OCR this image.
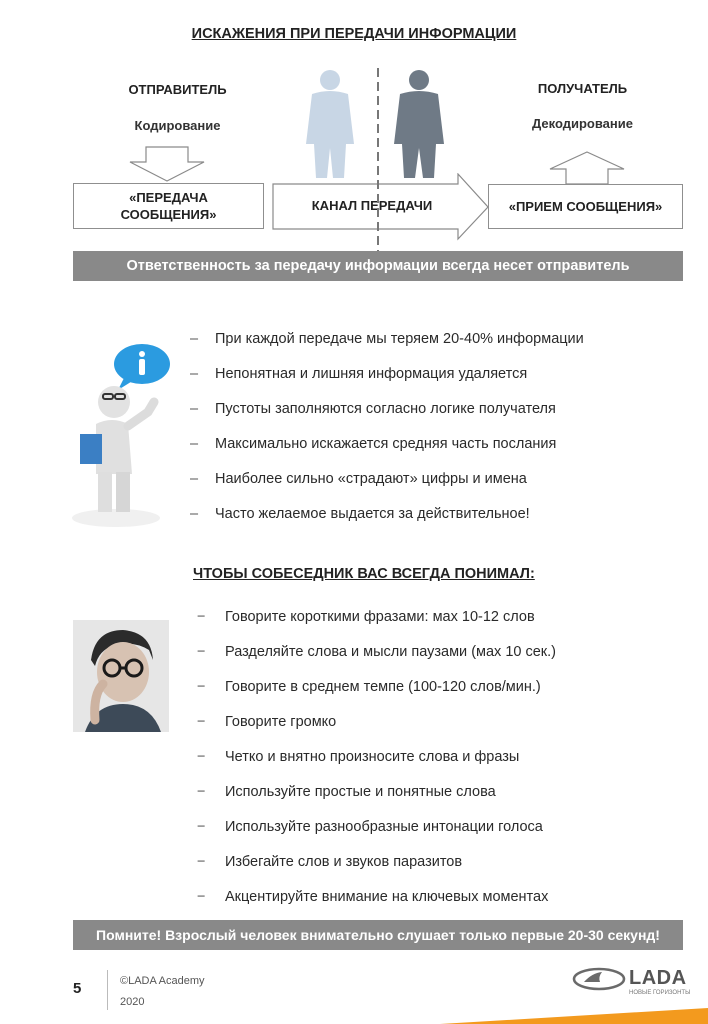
ИСКАЖЕНИЯ ПРИ ПЕРЕДАЧИ ИНФОРМАЦИИ
ОТПРАВИТЕЛЬ
Кодирование
«ПЕРЕДАЧА СООБЩЕНИЯ»
КАНАЛ ПЕРЕДАЧИ
ПОЛУЧАТЕЛЬ
Декодирование
«ПРИЕМ СООБЩЕНИЯ»
Ответственность за передачу информации всегда несет отправитель
– При каждой передаче мы теряем 20-40% информации
– Непонятная и лишняя информация удаляется
– Пустоты заполняются согласно логике получателя
– Максимально искажается средняя часть послания
– Наиболее сильно «страдают» цифры и имена
– Часто желаемое выдается за действительное!
ЧТОБЫ СОБЕСЕДНИК ВАС ВСЕГДА ПОНИМАЛ:
− Говорите короткими фразами: мах 10-12 слов
− Разделяйте слова и мысли паузами (мах 10 сек.)
− Говорите в среднем темпе (100-120 слов/мин.)
− Говорите громко
− Четко и внятно произносите слова и фразы
− Используйте простые и понятные слова
− Используйте разнообразные интонации голоса
− Избегайте слов и звуков паразитов
− Акцентируйте внимание на ключевых моментах
Помните! Взрослый человек внимательно слушает только первые 20-30 секунд!
5	©LADA Academy
2020
LADA
НОВЫЕ ГОРИЗОНТЫ
